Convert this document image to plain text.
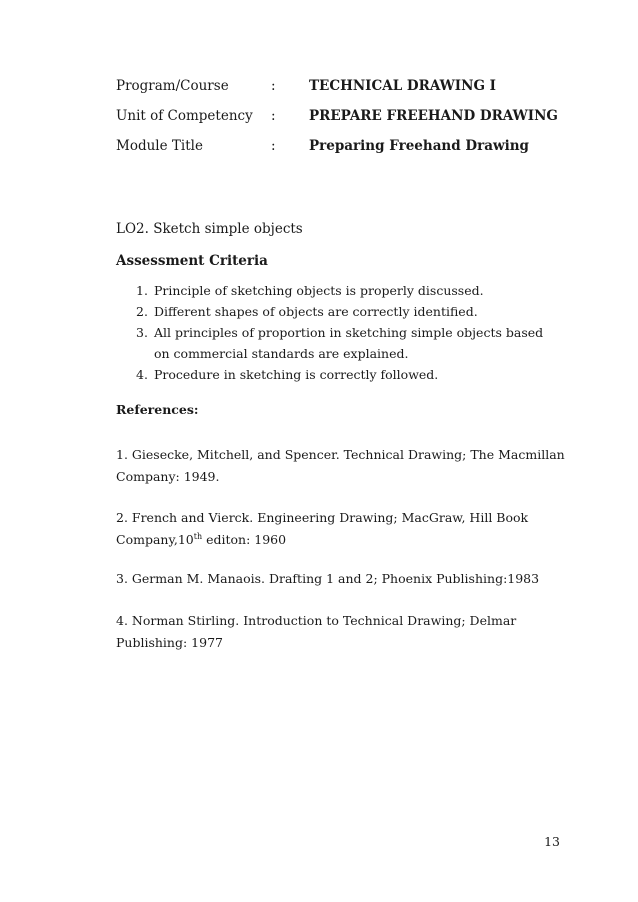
Program/Course	: TECHNICAL DRAWING I
Unit of Competency : PREPARE FREEHAND DRAWING
Module Title	: Preparing Freehand Drawing
LO2. Sketch simple objects
Assessment Criteria
1. Principle of sketching objects is properly discussed.
2. Different shapes of objects are correctly identified.
3. All principles of proportion in sketching simple objects based on commercial standards are explained.
4. Procedure in sketching is correctly followed.
References:
1. Giesecke, Mitchell, and Spencer. Technical Drawing; The Macmillan Company: 1949.
2. French and Vierck. Engineering Drawing; MacGraw, Hill Book Company,10th editon: 1960
3. German M. Manaois. Drafting 1 and 2; Phoenix Publishing:1983
4. Norman Stirling. Introduction to Technical Drawing; Delmar Publishing: 1977
13
